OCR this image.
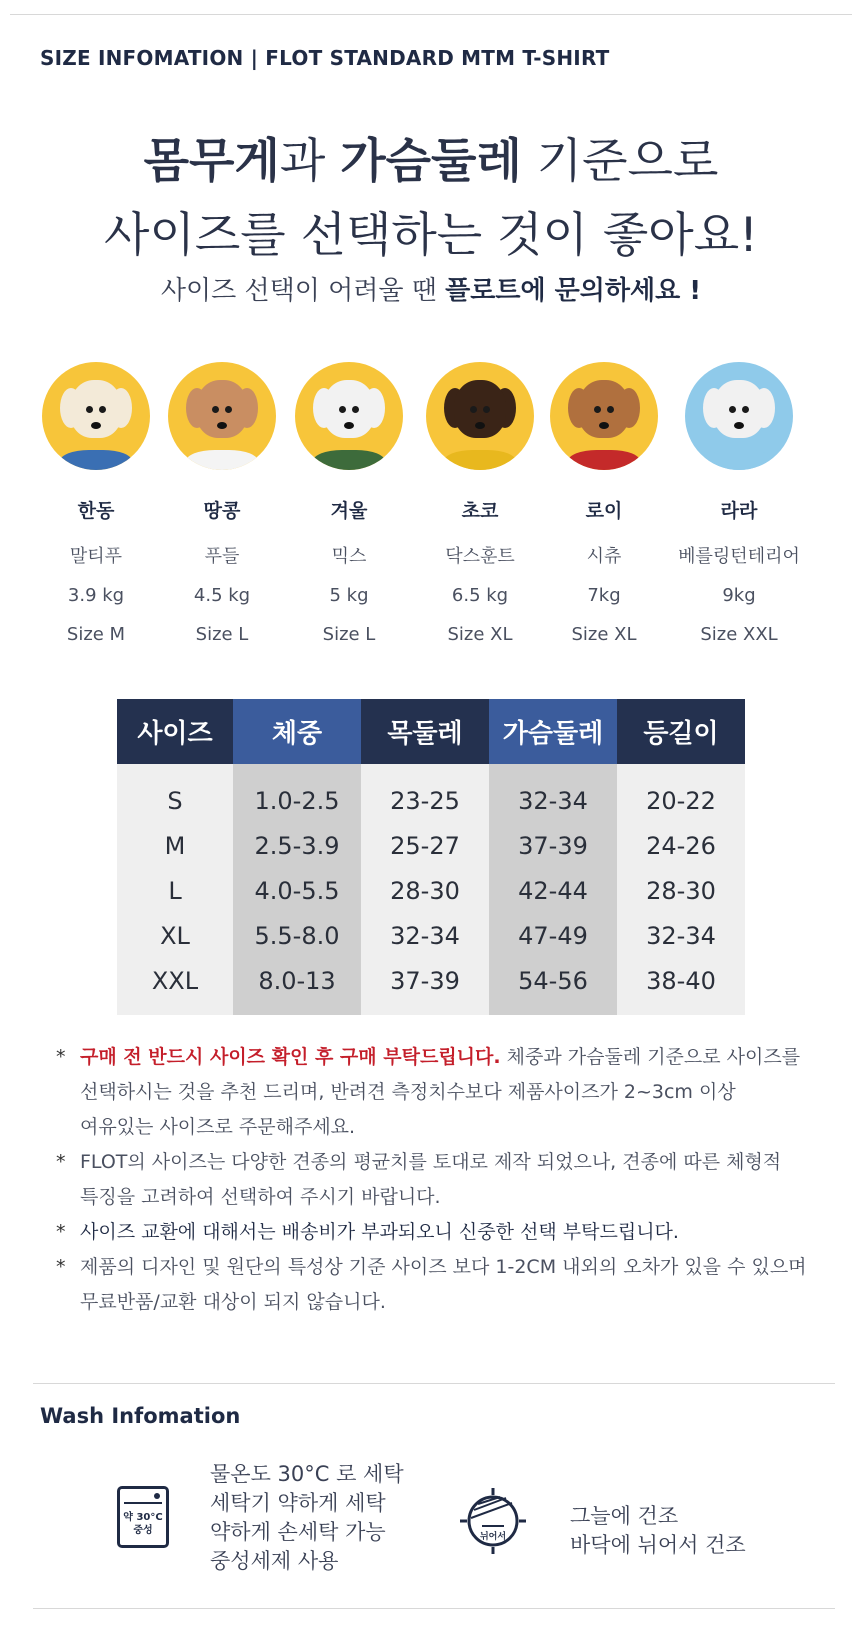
SIZE INFOMATION | FLOT STANDARD MTM T-SHIRT
몸무게과 가슴둘레 기준으로
사이즈를 선택하는 것이 좋아요!
사이즈 선택이 어려울 땐 플로트에 문의하세요 !
한동
말티푸
3.9 kg
Size M
땅콩
푸들
4.5 kg
Size L
겨울
믹스
5 kg
Size L
초코
닥스훈트
6.5 kg
Size XL
로이
시츄
7kg
Size XL
라라
베를링턴테리어
9kg
Size XXL
사이즈	체중	목둘레	가슴둘레	등길이
S	1.0-2.5	23-25	32-34	20-22
M	2.5-3.9	25-27	37-39	24-26
L	4.0-5.5	28-30	42-44	28-30
XL	5.5-8.0	32-34	47-49	32-34
XXL	8.0-13	37-39	54-56	38-40
* 구매 전 반드시 사이즈 확인 후 구매 부탁드립니다. 체중과 가슴둘레 기준으로 사이즈를
선택하시는 것을 추천 드리며, 반려견 측정치수보다 제품사이즈가 2~3cm 이상
여유있는 사이즈로 주문해주세요.
* FLOT의 사이즈는 다양한 견종의 평균치를 토대로 제작 되었으나, 견종에 따른 체형적
특징을 고려하여 선택하여 주시기 바랍니다.
* 사이즈 교환에 대해서는 배송비가 부과되오니 신중한 선택 부탁드립니다.
* 제품의 디자인 및 원단의 특성상 기준 사이즈 보다 1-2CM 내외의 오차가 있을 수 있으며
무료반품/교환 대상이 되지 않습니다.
Wash Infomation
약 30°C
중성
물온도 30°C 로 세탁
세탁기 약하게 세탁
약하게 손세탁 가능
중성세제 사용
뉘어서
그늘에 건조
바닥에 뉘어서 건조
